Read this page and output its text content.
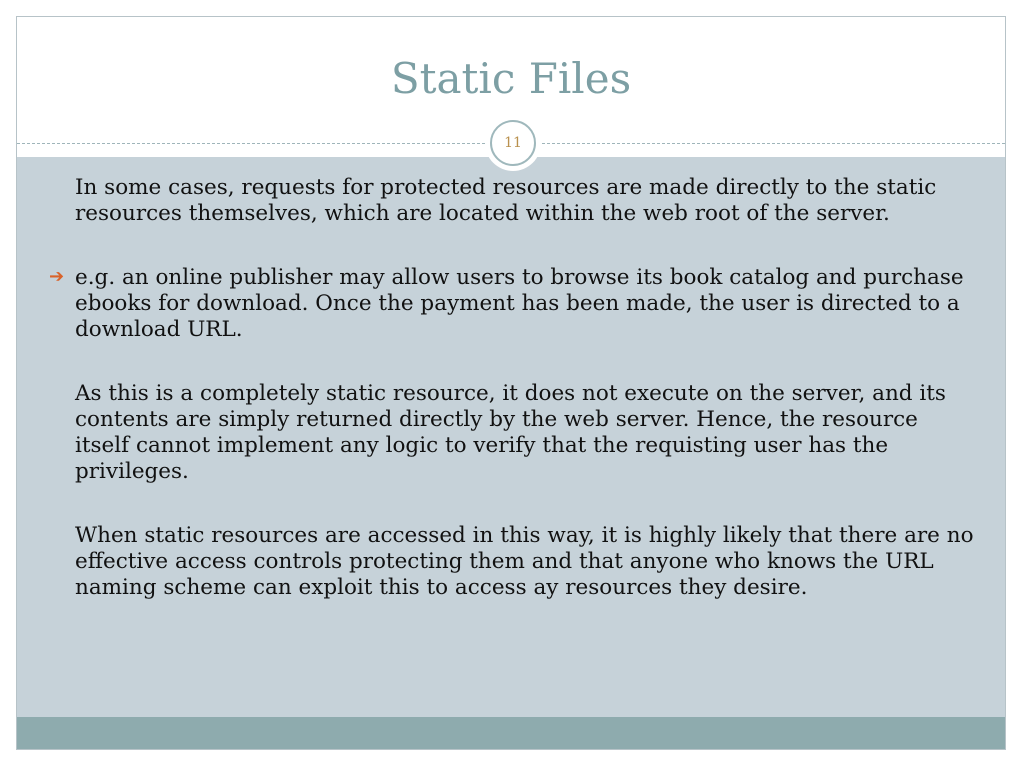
Static Files
11

In some cases, requests for protected resources are made directly to the static resources themselves, which are located within the web root of the server.

➔ e.g. an online publisher may allow users to browse its book catalog and purchase ebooks for download. Once the payment has been made, the user is directed to a download URL.

As this is a completely static resource, it does not execute on the server, and its contents are simply returned directly by the web server. Hence, the resource itself cannot implement any logic to verify that the requisting user has the privileges.

When static resources are accessed in this way, it is highly likely that there are no effective access controls protecting them and that anyone who knows the URL naming scheme can exploit this to access ay resources they desire.
